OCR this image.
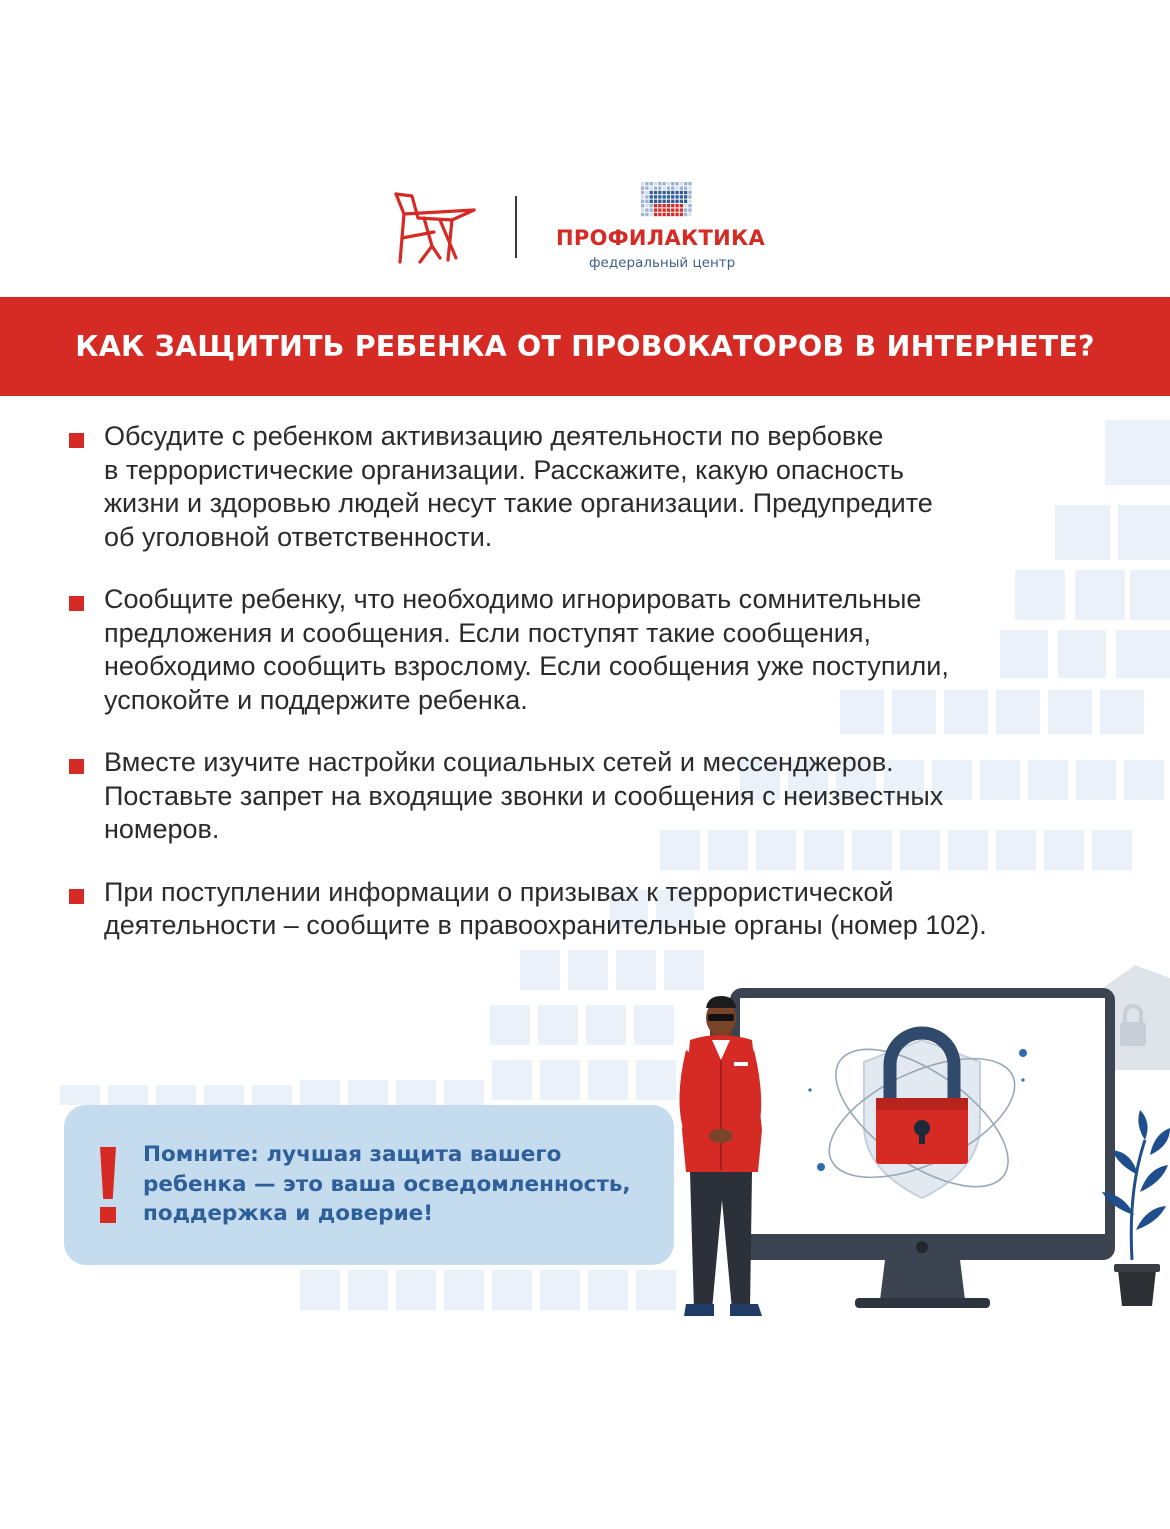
ПРОФИЛАКТИКА
федеральный центр
КАК ЗАЩИТИТЬ РЕБЕНКА ОТ ПРОВОКАТОРОВ В ИНТЕРНЕТЕ?
Обсудите с ребенком активизацию деятельности по вербовке
в террористические организации. Расскажите, какую опасность
жизни и здоровью людей несут такие организации. Предупредите
об уголовной ответственности.
Сообщите ребенку, что необходимо игнорировать сомнительные
предложения и сообщения. Если поступят такие сообщения,
необходимо сообщить взрослому. Если сообщения уже поступили,
успокойте и поддержите ребенка.
Вместе изучите настройки социальных сетей и мессенджеров.
Поставьте запрет на входящие звонки и сообщения с неизвестных
номеров.
При поступлении информации о призывах к террористической
деятельности – сообщите в правоохранительные органы (номер 102).
Помните: лучшая защита вашего
ребенка — это ваша осведомленность,
поддержка и доверие!
